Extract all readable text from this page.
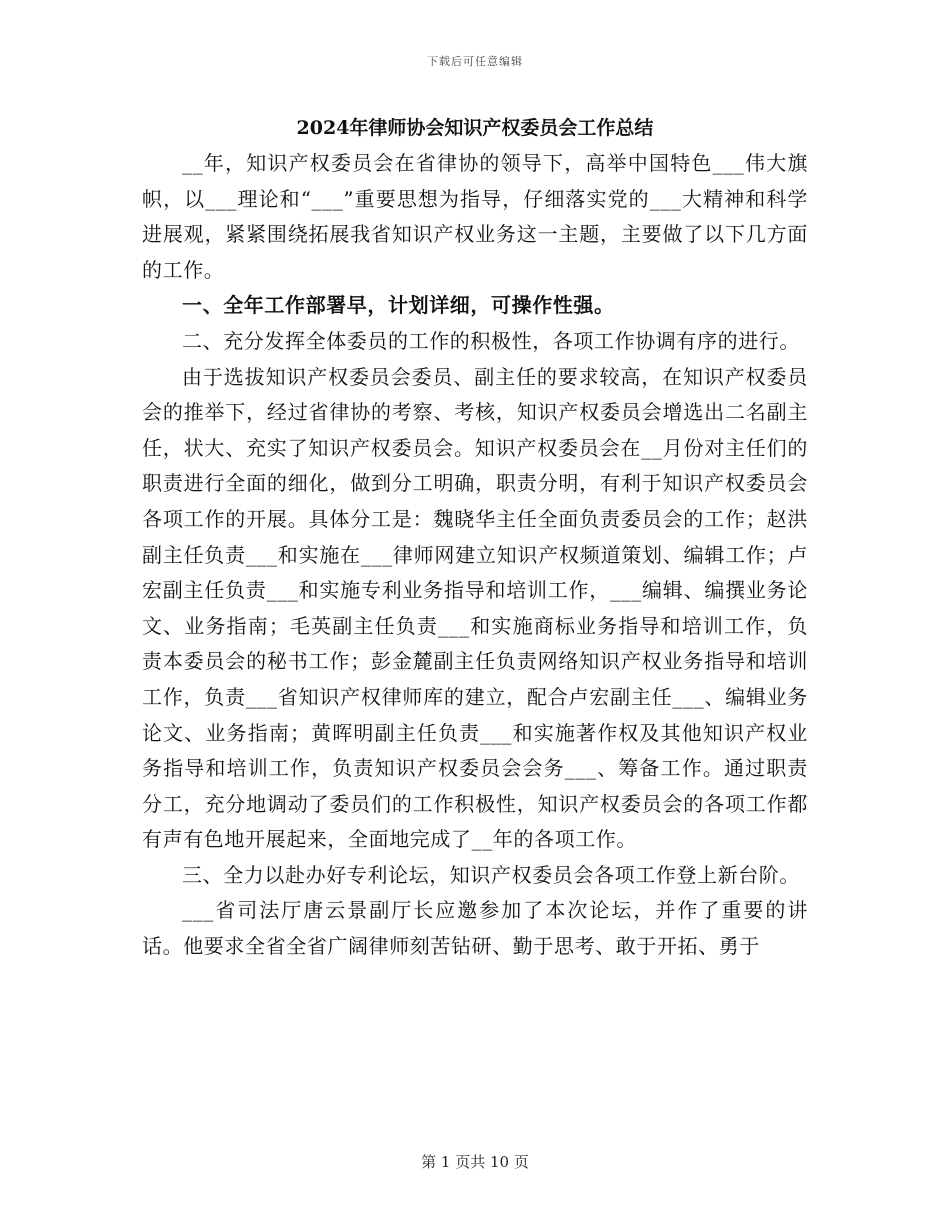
下载后可任意编辑
2024年律师协会知识产权委员会工作总结

__年，知识产权委员会在省律协的领导下，高举中国特色___伟大旗帜，以___理论和“___”重要思想为指导，仔细落实党的___大精神和科学进展观，紧紧围绕拓展我省知识产权业务这一主题，主要做了以下几方面的工作。

一、全年工作部署早，计划详细，可操作性强。

二、充分发挥全体委员的工作的积极性，各项工作协调有序的进行。

由于选拔知识产权委员会委员、副主任的要求较高，在知识产权委员会的推举下，经过省律协的考察、考核，知识产权委员会增选出二名副主任，状大、充实了知识产权委员会。知识产权委员会在__月份对主任们的职责进行全面的细化，做到分工明确，职责分明，有利于知识产权委员会各项工作的开展。具体分工是：魏晓华主任全面负责委员会的工作；赵洪副主任负责___和实施在___律师网建立知识产权频道策划、编辑工作；卢宏副主任负责___和实施专利业务指导和培训工作，___编辑、编撰业务论文、业务指南；毛英副主任负责___和实施商标业务指导和培训工作，负责本委员会的秘书工作；彭金麓副主任负责网络知识产权业务指导和培训工作，负责___省知识产权律师库的建立，配合卢宏副主任___、编辑业务论文、业务指南；黄晖明副主任负责___和实施著作权及其他知识产权业务指导和培训工作，负责知识产权委员会会务___、筹备工作。通过职责分工，充分地调动了委员们的工作积极性，知识产权委员会的各项工作都有声有色地开展起来，全面地完成了__年的各项工作。

三、全力以赴办好专利论坛，知识产权委员会各项工作登上新台阶。

___省司法厅唐云景副厅长应邀参加了本次论坛，并作了重要的讲话。他要求全省全省广阔律师刻苦钻研、勤于思考、敢于开拓、勇于

第 1 页共 10 页
